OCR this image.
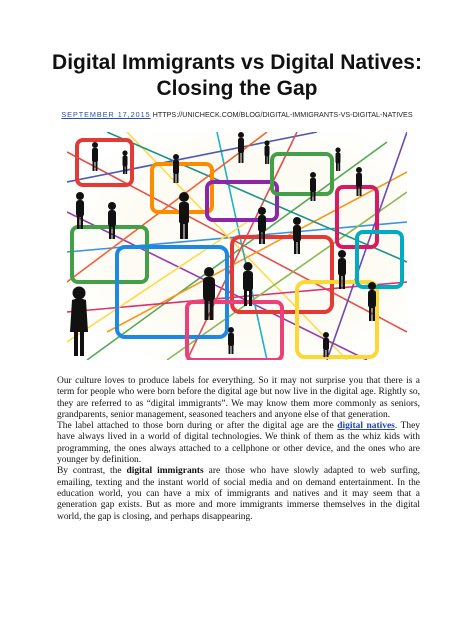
Digital Immigrants vs Digital Natives:
Closing the Gap
SEPTEMBER 17,2015 HTTPS://UNICHECK.COM/BLOG/DIGITAL-IMMIGRANTS-VS-DIGITAL-NATIVES

Our culture loves to produce labels for everything. So it may not surprise you that there is a term for people who were born before the digital age but now live in the digital age. Rightly so, they are referred to as “digital immigrants”. We may know them more commonly as seniors, grandparents, senior management, seasoned teachers and anyone else of that generation.

The label attached to those born during or after the digital age are the digital natives. They have always lived in a world of digital technologies. We think of them as the whiz kids with programming, the ones always attached to a cellphone or other device, and the ones who are younger by definition.

By contrast, the digital immigrants are those who have slowly adapted to web surfing, emailing, texting and the instant world of social media and on demand entertainment. In the education world, you can have a mix of immigrants and natives and it may seem that a generation gap exists. But as more and more immigrants immerse themselves in the digital world, the gap is closing, and perhaps disappearing.
